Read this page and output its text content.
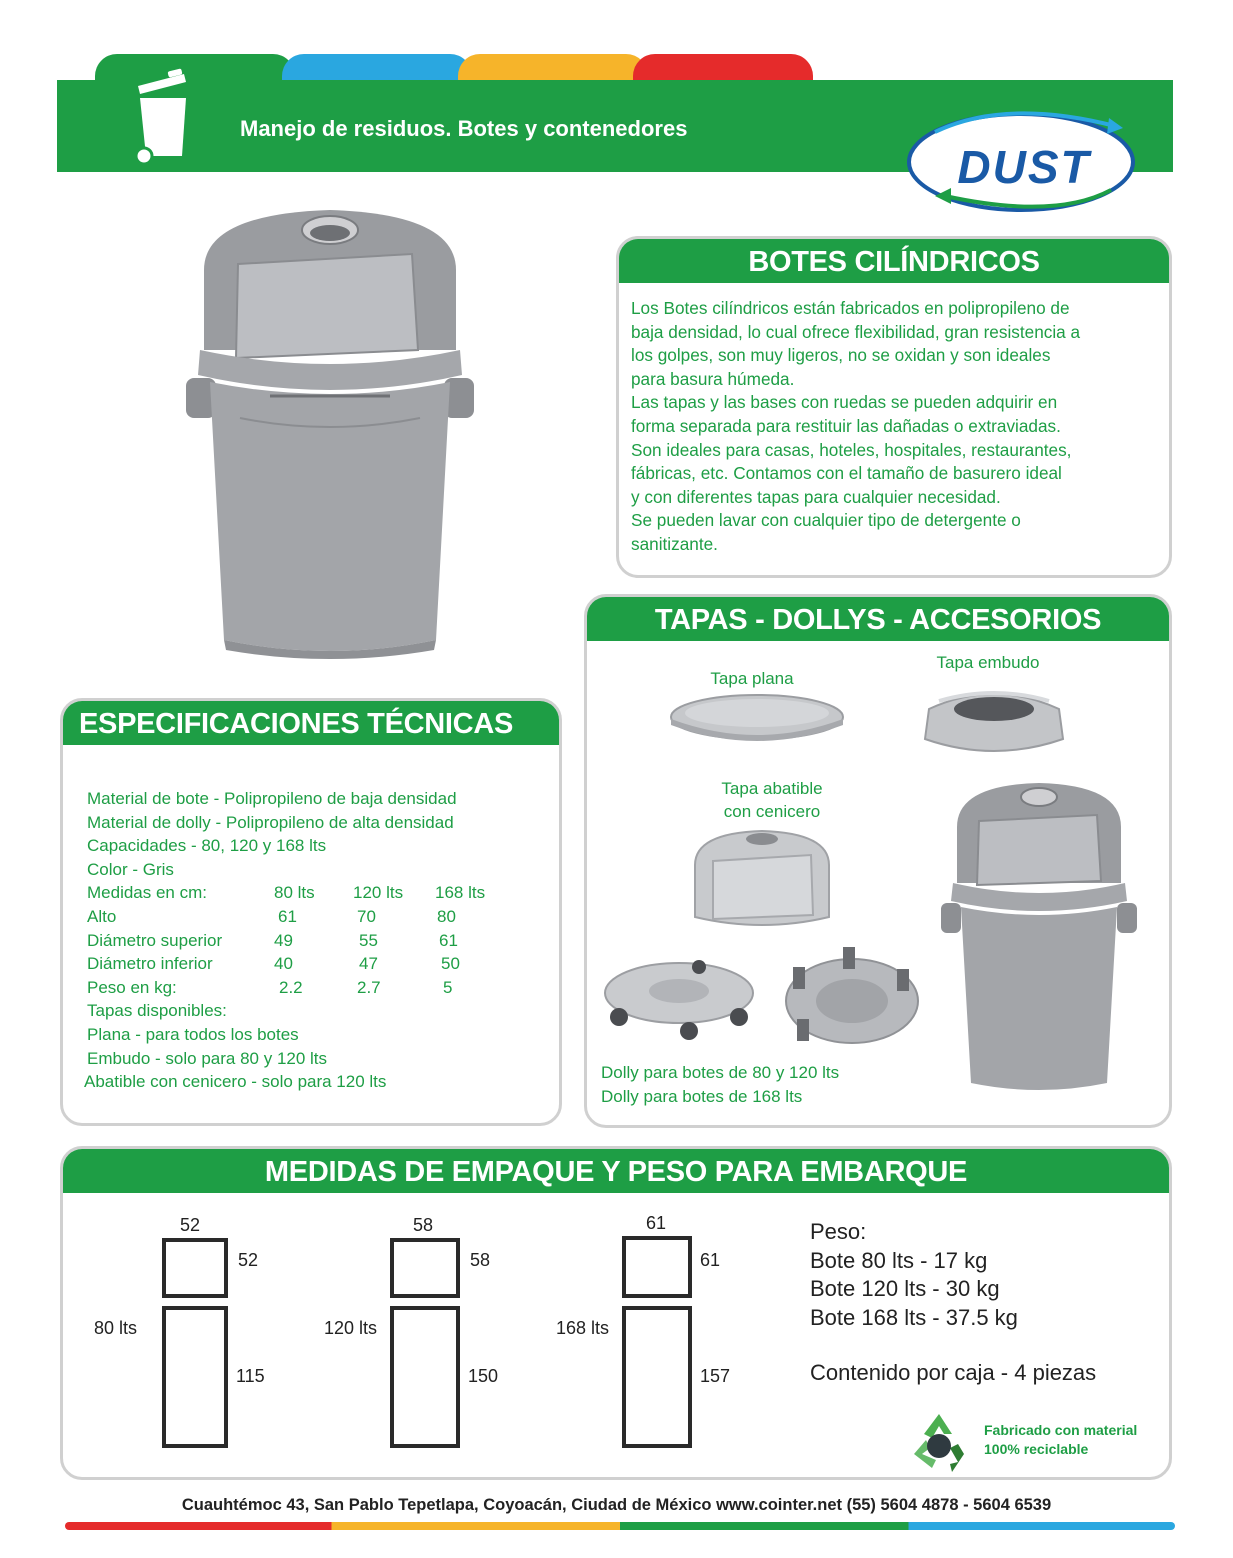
Manejo de residuos. Botes y contenedores
DUST
BOTES CILÍNDRICOS
Los Botes cilíndricos están fabricados en polipropileno de
baja densidad, lo cual ofrece flexibilidad, gran resistencia a
los golpes, son muy ligeros, no se oxidan y son ideales
para basura húmeda.
Las tapas y las bases con ruedas se pueden adquirir en
forma separada para restituir las dañadas o extraviadas.
Son ideales para casas, hoteles, hospitales, restaurantes,
fábricas, etc. Contamos con el tamaño de basurero ideal
y con diferentes tapas para cualquier necesidad.
Se pueden lavar con cualquier tipo de detergente o
sanitizante.
TAPAS - DOLLYS - ACCESORIOS
Tapa plana
Tapa embudo
Tapa abatible
con cenicero
Dolly para botes de 80 y 120 lts
Dolly para botes de 168 lts
ESPECIFICACIONES TÉCNICAS
Material de bote - Polipropileno de baja densidad
Material de dolly - Polipropileno de alta densidad
Capacidades - 80, 120 y 168 lts
Color - Gris
Medidas en cm:	80 lts	120 lts	168 lts
Alto	61	70	80
Diámetro superior	49	55	61
Diámetro inferior	40	47	50
Peso en kg:	2.2	2.7	5
Tapas disponibles:
Plana - para todos los botes
Embudo - solo para 80 y 120 lts
Abatible con cenicero - solo para 120 lts
MEDIDAS DE EMPAQUE Y PESO PARA EMBARQUE
52
52
80 lts
115
58
58
120 lts
150
61
61
168 lts
157
Peso:
Bote 80 lts - 17 kg
Bote 120 lts - 30 kg
Bote 168 lts - 37.5 kg
Contenido por caja - 4 piezas
Fabricado con material
100% reciclable
Cuauhtémoc 43, San Pablo Tepetlapa, Coyoacán, Ciudad de México www.cointer.net (55) 5604 4878 - 5604 6539
